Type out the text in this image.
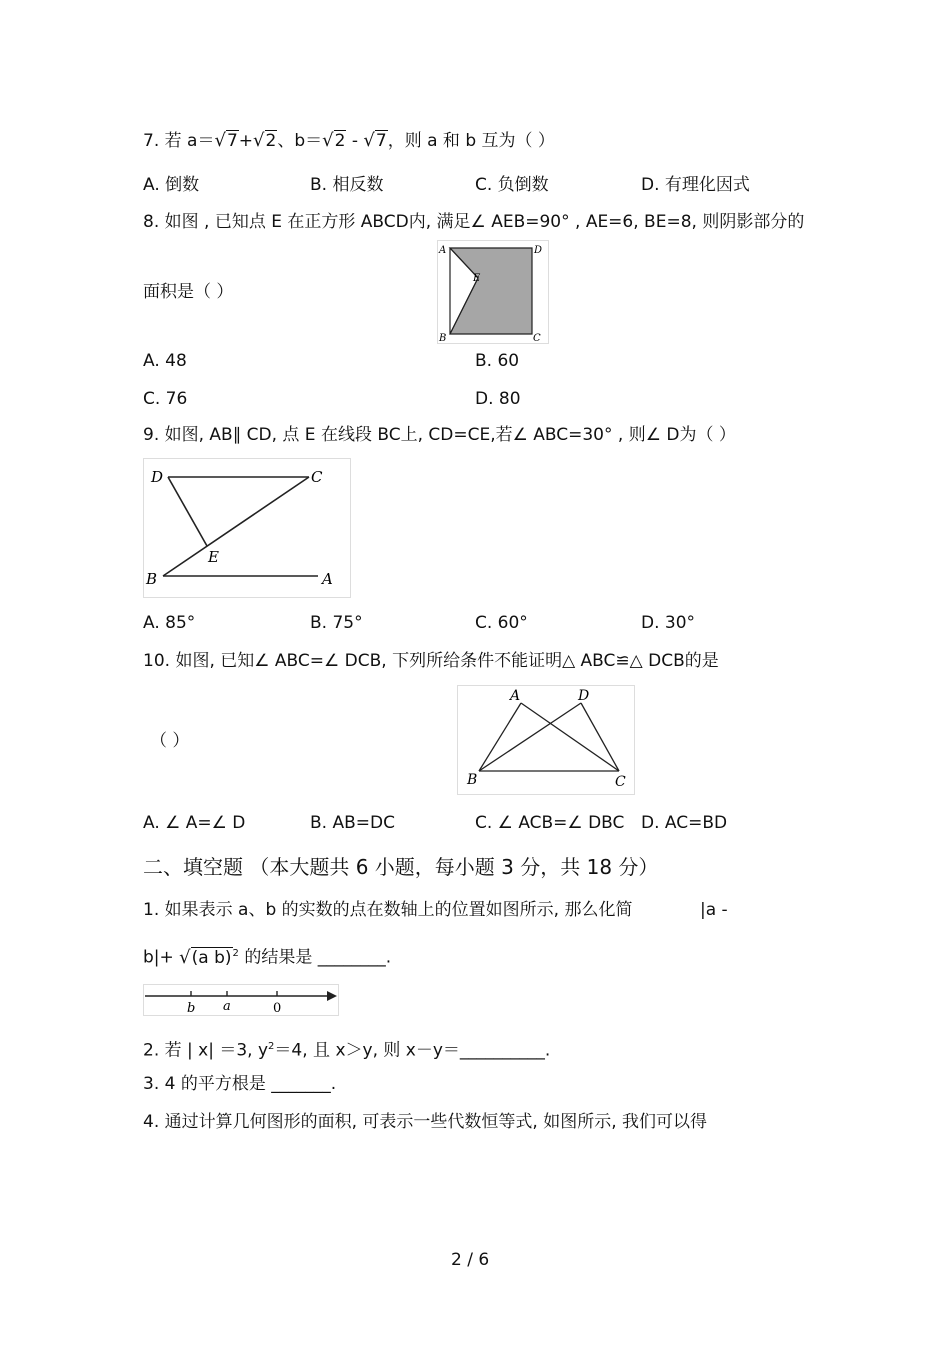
7. 若 a＝√7+√2、b＝√2 - √7，则 a 和 b 互为（ ）
A. 倒数	B. 相反数	C. 负倒数	D. 有理化因式
8. 如图 , 已知点 E 在正方形 ABCD内, 满足∠ AEB=90° , AE=6, BE=8, 则阴影部分的
面积是（ ）
A	D
E
B	C
A. 48	B. 60
C. 76	D. 80
9. 如图, AB∥ CD, 点 E 在线段 BC上, CD=CE,若∠ ABC=30° , 则∠ D为（ ）
D	C
E
B	A
A. 85°	B. 75°	C. 60°	D. 30°
10. 如图, 已知∠ ABC=∠ DCB, 下列所给条件不能证明△ ABC≌△ DCB的是
（ ）
A	D
B	C
A. ∠ A=∠ D	B. AB=DC	C. ∠ ACB=∠ DBC D. AC=BD
二、填空题 （本大题共 6 小题，每小题 3 分，共 18 分）
1. 如果表示 a、b 的实数的点在数轴上的位置如图所示, 那么化简	|a -
b|+ √(a b)$^2$ 的结果是 ________.
b a	0
2. 若 | x| ＝3, $y^2=4$, 且 x＞y, 则 x－y＝__________.
3. 4 的平方根是 _______.
4. 通过计算几何图形的面积, 可表示一些代数恒等式, 如图所示, 我们可以得
2 / 6
